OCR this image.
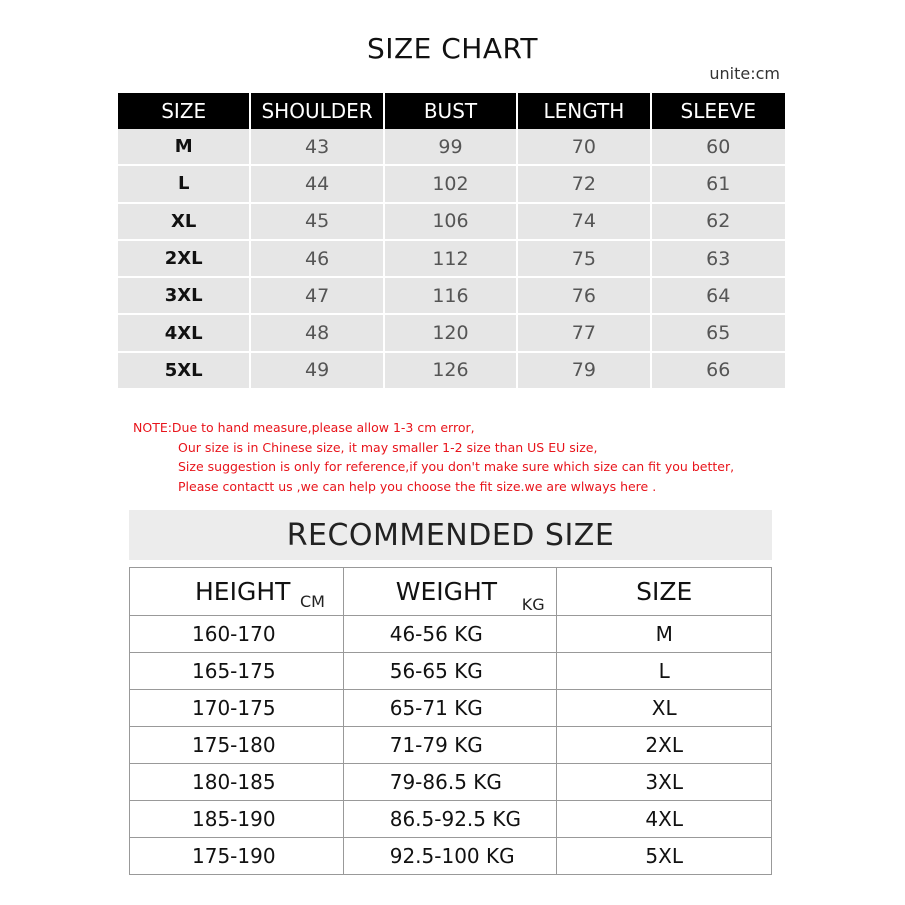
SIZE CHART
unite:cm
SIZE	SHOULDER	BUST	LENGTH	SLEEVE
M	43	99	70	60
L	44	102	72	61
XL	45	106	74	62
2XL	46	112	75	63
3XL	47	116	76	64
4XL	48	120	77	65
5XL	49	126	79	66
NOTE:Due to hand measure,please allow 1-3 cm error,
Our size is in Chinese size, it may smaller 1-2 size than US EU size,
Size suggestion is only for reference,if you don't make sure which size can fit you better,
Please contactt us ,we can help you choose the fit size.we are wlways here .
RECOMMENDED SIZE
HEIGHT CM	WEIGHT KG	SIZE
160-170	46-56 KG	M
165-175	56-65 KG	L
170-175	65-71 KG	XL
175-180	71-79 KG	2XL
180-185	79-86.5 KG	3XL
185-190	86.5-92.5 KG	4XL
175-190	92.5-100 KG	5XL
